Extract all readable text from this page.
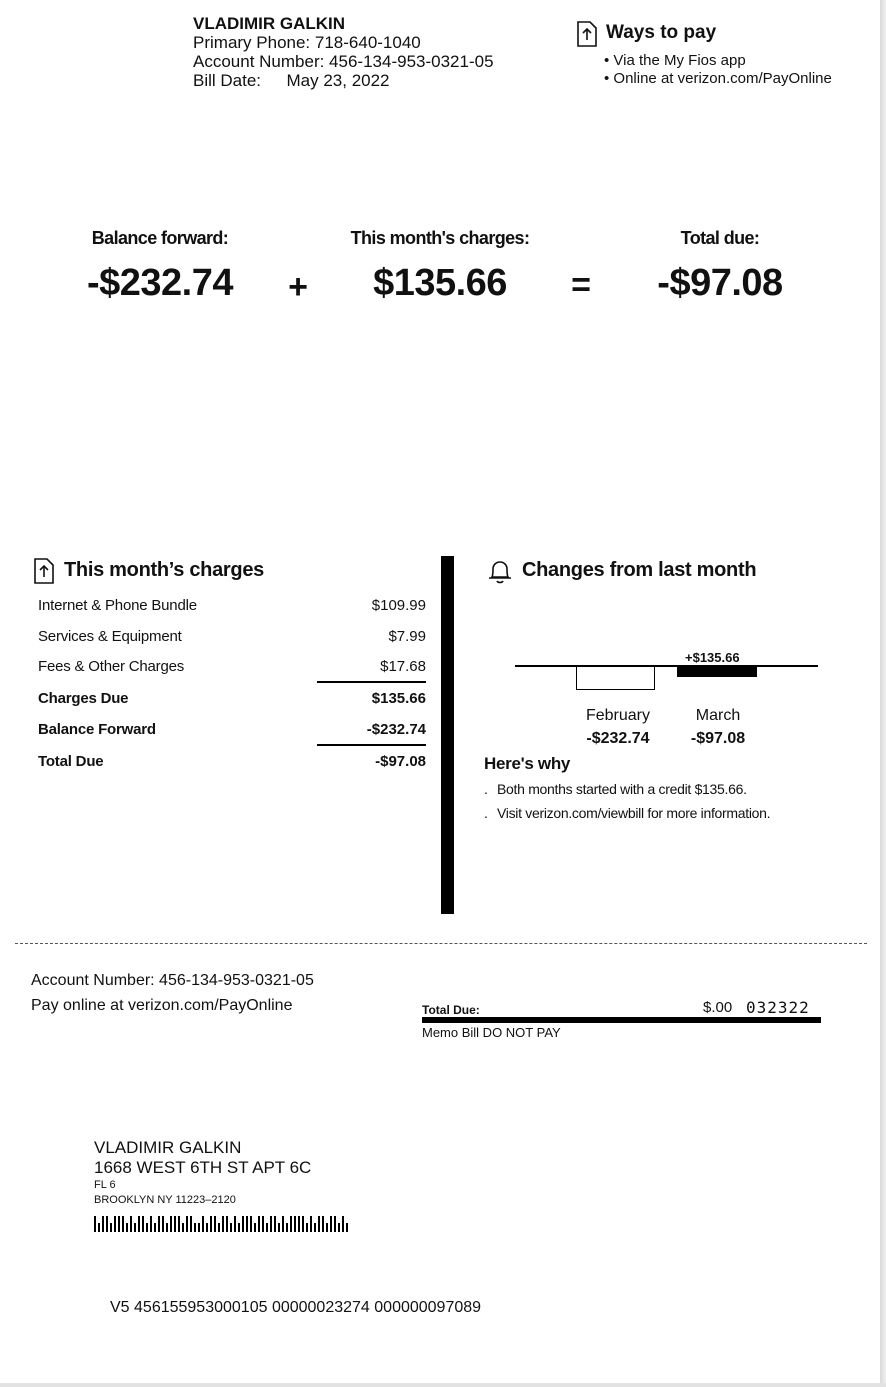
VLADIMIR GALKIN
Primary Phone: 718-640-1040
Account Number: 456-134-953-0321-05
Bill Date: May 23, 2022
Ways to pay
• Via the My Fios app
• Online at verizon.com/PayOnline
Balance forward:
-$232.74	+
This month's charges:
$135.66	=
Total due:
-$97.08
This month’s charges
Internet & Phone Bundle	$109.99
Services & Equipment	$7.99
Fees & Other Charges	$17.68
Charges Due	$135.66
Balance Forward	-$232.74
Total Due	-$97.08
Changes from last month
+$135.66
February
-$232.74
March
-$97.08
Here's why
. Both months started with a credit $135.66.
. Visit verizon.com/viewbill for more information.
Account Number: 456-134-953-0321-05
Pay online at verizon.com/PayOnline	Total Due:	$.00 032322
Memo Bill DO NOT PAY
VLADIMIR GALKIN
1668 WEST 6TH ST APT 6C
FL 6
BROOKLYN NY 11223–2120
V5 456155953000105 00000023274 000000097089
